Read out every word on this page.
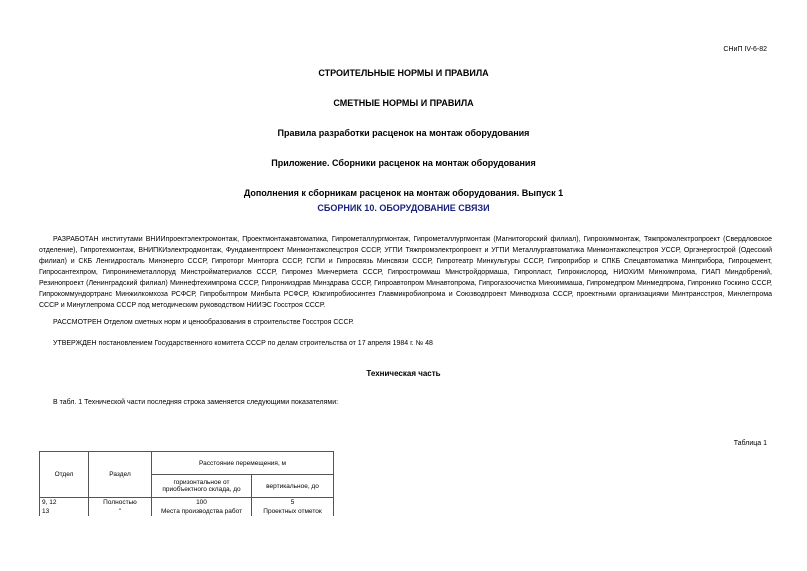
СНиП IV-6-82
СТРОИТЕЛЬНЫЕ НОРМЫ И ПРАВИЛА
СМЕТНЫЕ НОРМЫ И ПРАВИЛА
Правила разработки расценок на монтаж оборудования
Приложение. Сборники расценок на монтаж оборудования
Дополнения к сборникам расценок на монтаж оборудования. Выпуск 1
СБОРНИК 10. ОБОРУДОВАНИЕ СВЯЗИ
РАЗРАБОТАН институтами ВНИИпроектэлектромонтаж, Проектмонтажавтоматика, Гипрометаллургмонтаж, Гипрометаллургмонтаж (Магнитогорский филиал), Гипрохиммонтаж, Тяжпромэлектропроект (Свердловское отделение), Гипротехмонтаж, ВНИПКИэлектродмонтаж, Фундаментпроект Минмонтажспецстроя СССР, УГПИ Тяжпромэлектропроект и УГПИ Металлургавтоматика Минмонтажспецстроя УССР, Оргэнергострой (Одесский филиал) и СКБ Ленгидросталь Минэнерго СССР, Гипроторг Минторга СССР, ГСПИ и Гипросвязь Минсвязи СССР, Гипротеатр Минкультуры СССР, Гипроприбор и СПКБ Спецавтоматика Минприбора, Гипроцемент, Гипросантехпром, Гипронинеметаллоруд Минстройматериалов СССР, Гипромез Минчермета СССР, Гипростроммаш Минстройдормаша, Гипропласт, Гипрокислород, НИОХИМ Минхимпрома, ГИАП Миндобрений, Резинопроект (Ленинградский филиал) Миннефтехимпрома СССР, Гипронииздрав Минздрава СССР, Гипроавтопром Минавтопрома, Гипрогазоочистка Минхиммаша, Гипромедпром Минмедпрома, Гипронико Госкино СССР, Гипрокоммундортранс Минжилкомхоза РСФСР, Гипробытпром Минбыта РСФСР, Южгипробиосинтез Главмикробиопрома и Союзводпроект Минводхоза СССР, проектными организациями Минтрансстроя, Минлегпрома СССР и Минуглепрома СССР под методическим руководством НИИЭС Госстроя СССР.
РАССМОТРЕН Отделом сметных норм и ценообразования в строительстве Госстроя СССР.
УТВЕРЖДЕН постановлением Государственного комитета СССР по делам строительства от 17 апреля 1984 г. № 48
Техническая часть
В табл. 1 Технической части последняя строка заменяется следующими показателями:
Таблица 1
Отдел	Раздел	Расстояние перемещения, м	
		горизонтальное от приобъектного склада, до	вертикальное, до
9, 12	Полностью	100	5
13	"	Места производства работ	Проектных отметок
